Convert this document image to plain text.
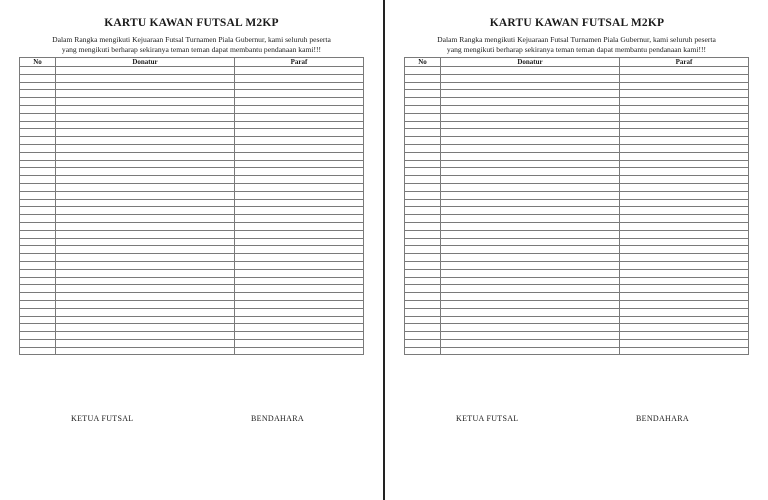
KARTU KAWAN FUTSAL M2KP
Dalam Rangka mengikuti Kejuaraan Futsal Turnamen Piala Gubernur, kami seluruh peserta
yang mengikuti berharap sekiranya teman teman dapat membantu pendanaan kami!!!
No	Donatur	Paraf

KETUA FUTSAL	BENDAHARA
KARTU KAWAN FUTSAL M2KP
Dalam Rangka mengikuti Kejuaraan Futsal Turnamen Piala Gubernur, kami seluruh peserta
yang mengikuti berharap sekiranya teman teman dapat membantu pendanaan kami!!!
No	Donatur	Paraf

KETUA FUTSAL	BENDAHARA
